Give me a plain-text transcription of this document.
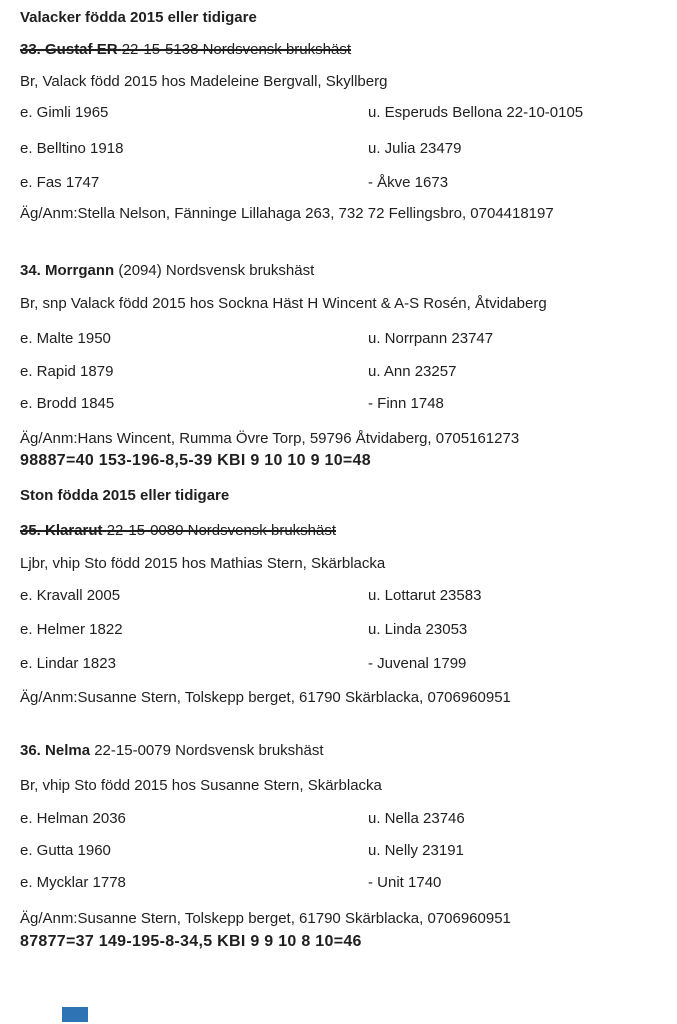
Valacker födda 2015 eller tidigare

33. Gustaf ER 22-15-5138 Nordsvensk brukshäst

Br, Valack född 2015 hos Madeleine Bergvall, Skyllberg

e. Gimli 1965	u. Esperuds Bellona 22-10-0105

e. Belltino 1918	u. Julia 23479

e. Fas 1747	- Åkve 1673

Äg/Anm:Stella Nelson, Fänninge Lillahaga 263, 732 72 Fellingsbro, 0704418197

34. Morrgann (2094) Nordsvensk brukshäst

Br, snp Valack född 2015 hos Sockna Häst H Wincent & A-S Rosén, Åtvidaberg

e. Malte 1950	u. Norrpann 23747

e. Rapid 1879	u. Ann 23257

e. Brodd 1845	- Finn 1748

Äg/Anm:Hans Wincent, Rumma Övre Torp, 59796 Åtvidaberg, 0705161273

98887=40 153-196-8,5-39 KBI 9 10 10 9 10=48

Ston födda 2015 eller tidigare

35. Klararut 22-15-0080 Nordsvensk brukshäst

Ljbr, vhip Sto född 2015 hos Mathias Stern, Skärblacka

e. Kravall 2005	u. Lottarut 23583

e. Helmer 1822	u. Linda 23053

e. Lindar 1823	- Juvenal 1799

Äg/Anm:Susanne Stern, Tolskepp berget, 61790 Skärblacka, 0706960951

36. Nelma 22-15-0079 Nordsvensk brukshäst

Br, vhip Sto född 2015 hos Susanne Stern, Skärblacka

e. Helman 2036	u. Nella 23746

e. Gutta 1960	u. Nelly 23191

e. Mycklar 1778	- Unit 1740

Äg/Anm:Susanne Stern, Tolskepp berget, 61790 Skärblacka, 0706960951

87877=37 149-195-8-34,5 KBI 9 9 10 8 10=46
